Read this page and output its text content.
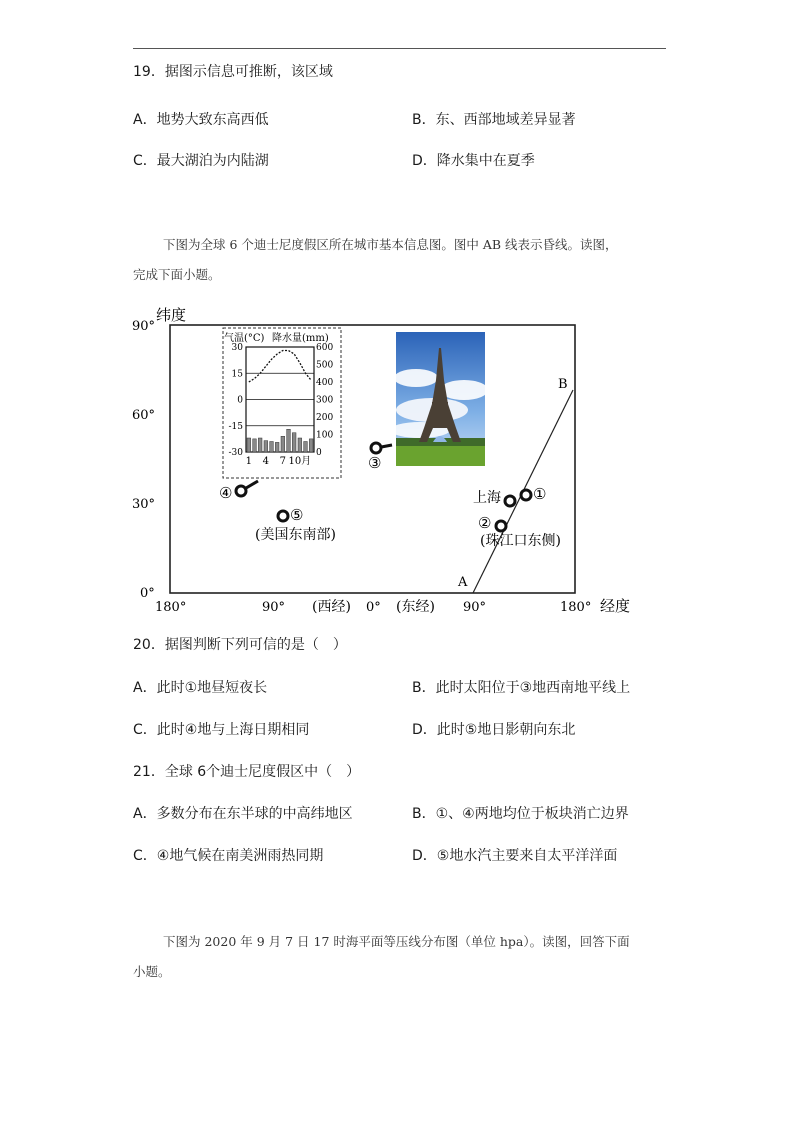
19．据图示信息可推断，该区域
A．地势大致东高西低	B．东、西部地域差异显著
C．最大湖泊为内陆湖	D．降水集中在夏季
下图为全球 6 个迪士尼度假区所在城市基本信息图。图中 AB 线表示昏线。读图，
完成下面小题。
纬度
经度
90°
60°
30°
0°
180°	90° (西经) 0° (东经) 90°	180°
A
B
气温(°C) 降水量(mm)
30
15
0
-15
-30
600
500
400
300
200
100
0
1 4 7 10月	③
④
⑤
(美国东南部)
上海 ①
②
(珠江口东侧)
20．据图判断下列可信的是（　）
A．此时①地昼短夜长	B．此时太阳位于③地西南地平线上
C．此时④地与上海日期相同	D．此时⑤地日影朝向东北
21．全球 6个迪士尼度假区中（　）
A．多数分布在东半球的中高纬地区	B．①、④两地均位于板块消亡边界
C．④地气候在南美洲雨热同期	D．⑤地水汽主要来自太平洋洋面
下图为 2020 年 9 月 7 日 17 时海平面等压线分布图（单位 hpa）。读图，回答下面
小题。
